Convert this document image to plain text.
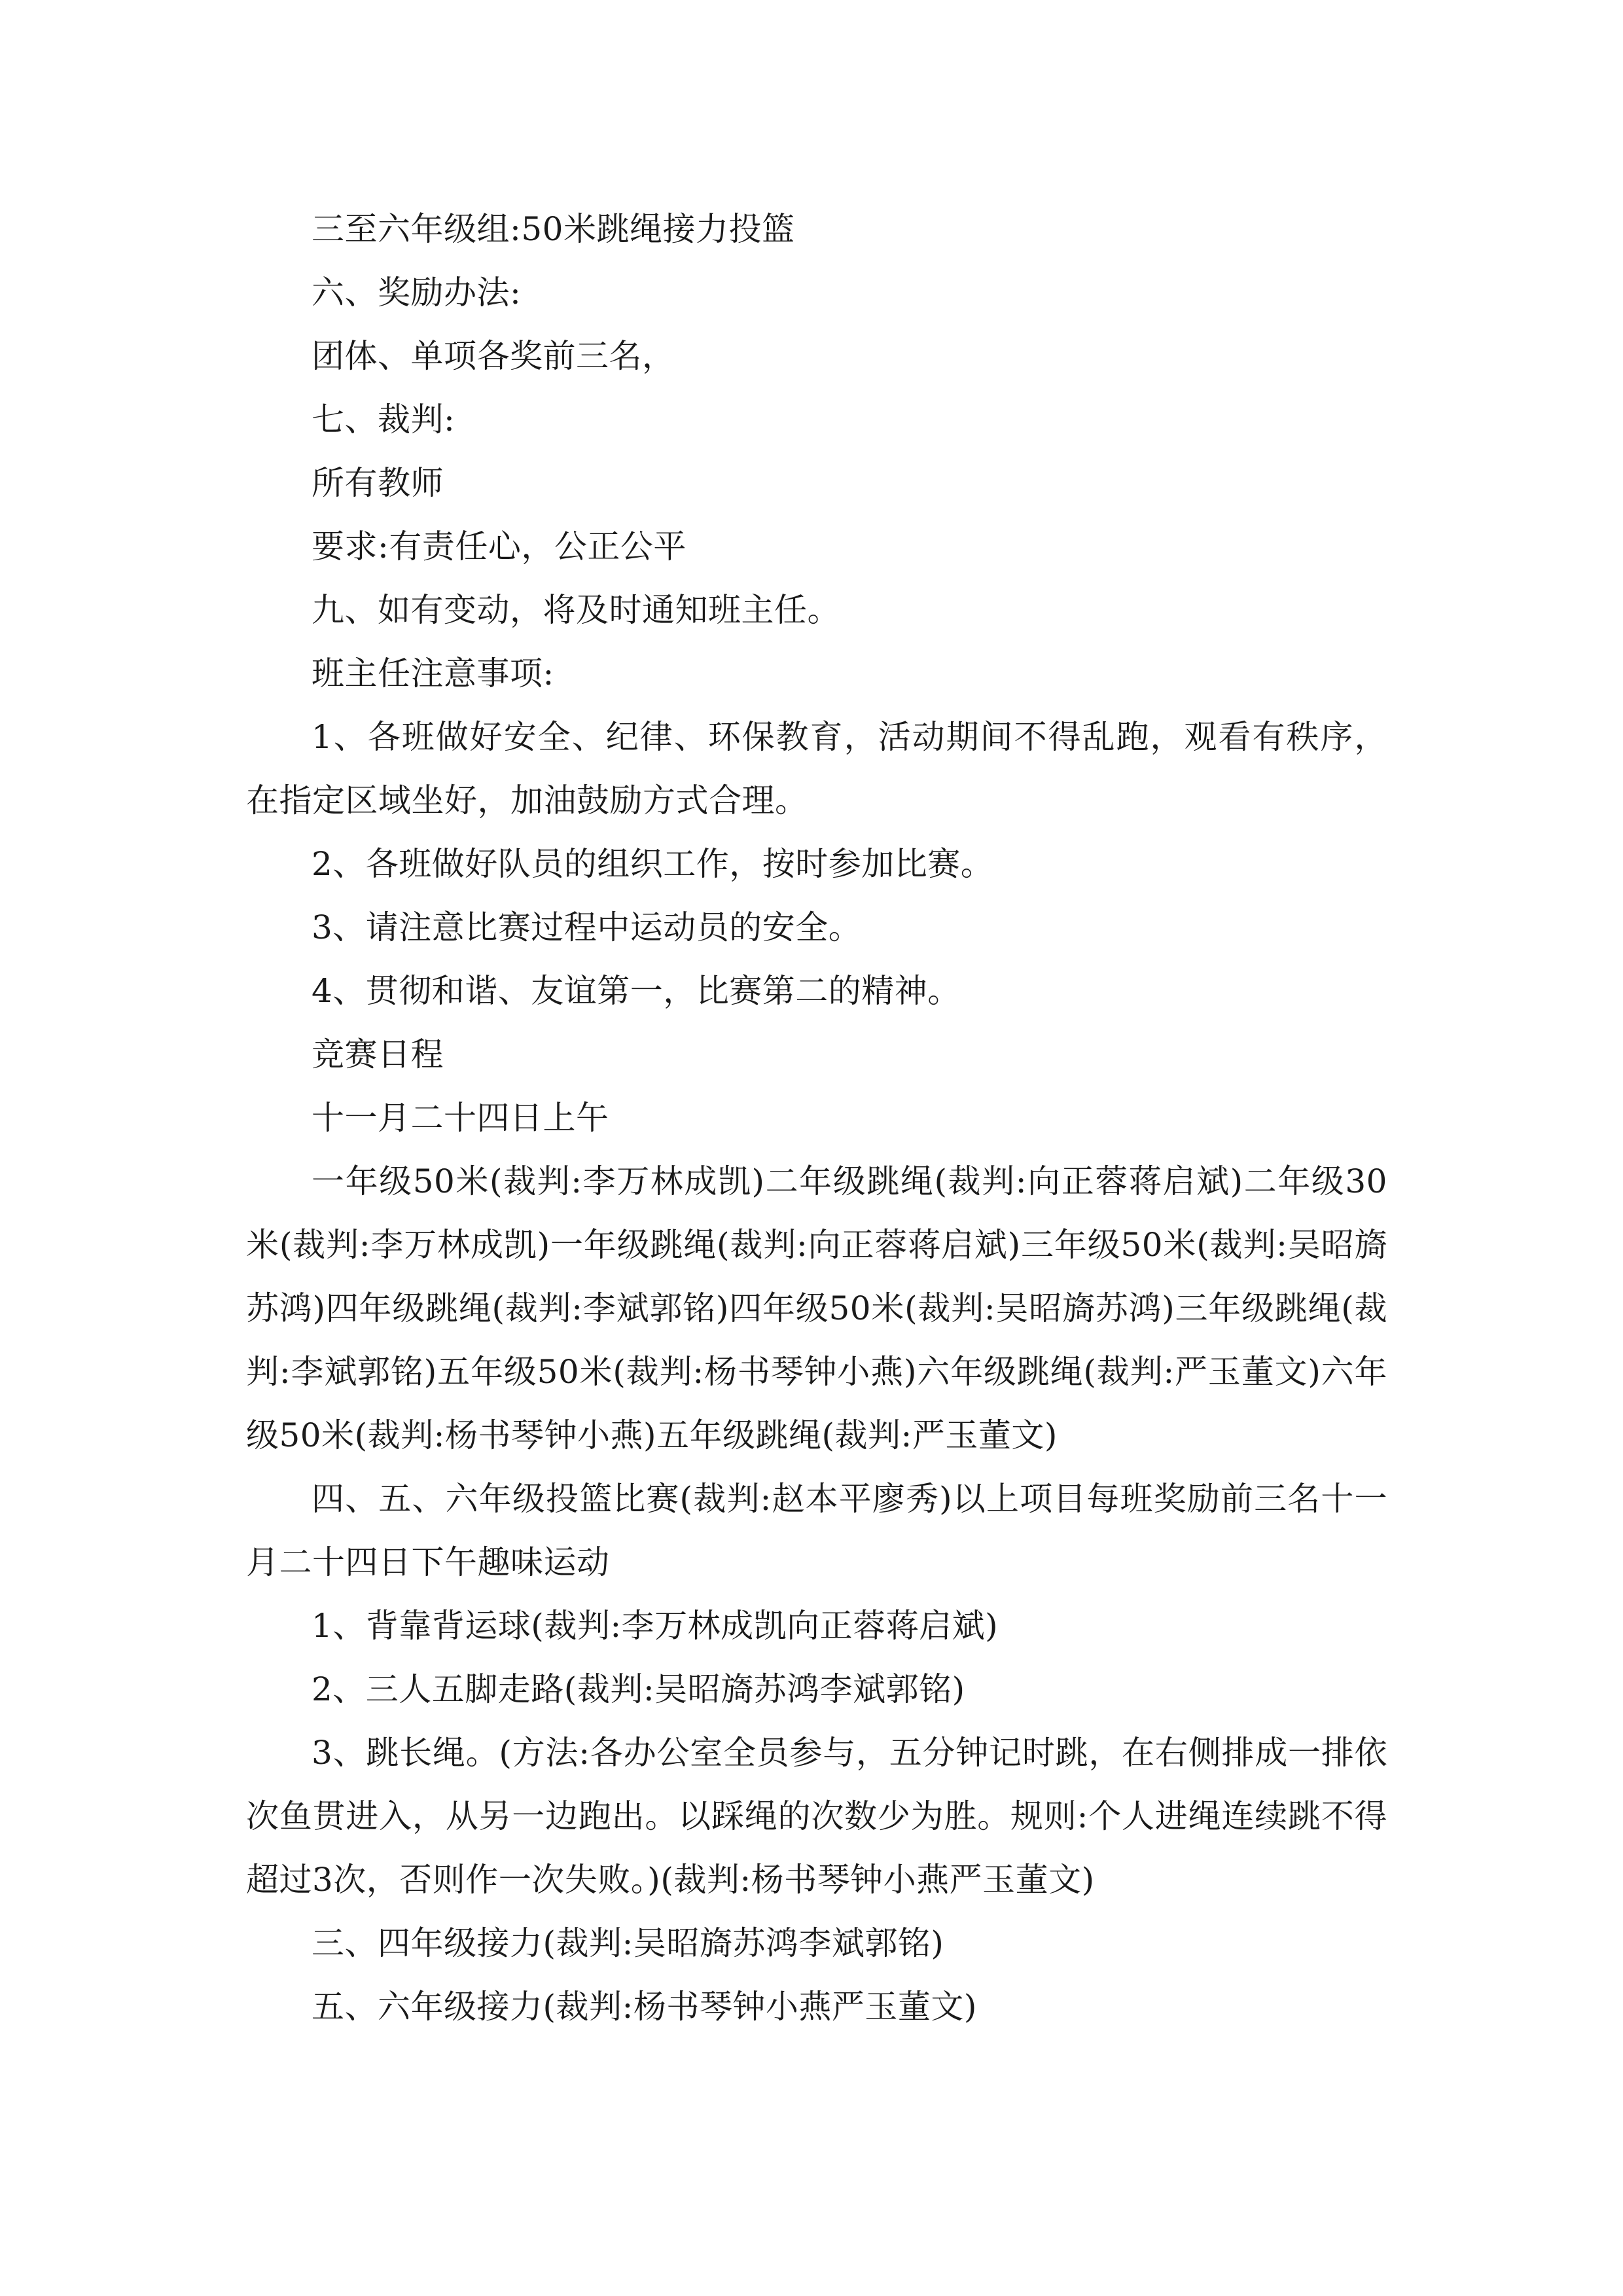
三至六年级组:50米跳绳接力投篮

六、奖励办法:

团体、单项各奖前三名，

七、裁判:

所有教师

要求:有责任心，公正公平

九、如有变动，将及时通知班主任。

班主任注意事项:

1、各班做好安全、纪律、环保教育，活动期间不得乱跑，观看有秩序，在指定区域坐好，加油鼓励方式合理。

2、各班做好队员的组织工作，按时参加比赛。

3、请注意比赛过程中运动员的安全。

4、贯彻和谐、友谊第一，比赛第二的精神。

竞赛日程

十一月二十四日上午

一年级50米(裁判:李万林成凯)二年级跳绳(裁判:向正蓉蒋启斌)二年级30米(裁判:李万林成凯)一年级跳绳(裁判:向正蓉蒋启斌)三年级50米(裁判:吴昭旖苏鸿)四年级跳绳(裁判:李斌郭铭)四年级50米(裁判:吴昭旖苏鸿)三年级跳绳(裁判:李斌郭铭)五年级50米(裁判:杨书琴钟小燕)六年级跳绳(裁判:严玉董文)六年级50米(裁判:杨书琴钟小燕)五年级跳绳(裁判:严玉董文)

四、五、六年级投篮比赛(裁判:赵本平廖秀)以上项目每班奖励前三名十一月二十四日下午趣味运动

1、背靠背运球(裁判:李万林成凯向正蓉蒋启斌)

2、三人五脚走路(裁判:吴昭旖苏鸿李斌郭铭)

3、跳长绳。(方法:各办公室全员参与，五分钟记时跳，在右侧排成一排依次鱼贯进入，从另一边跑出。以踩绳的次数少为胜。规则:个人进绳连续跳不得超过3次，否则作一次失败。)(裁判:杨书琴钟小燕严玉董文)

三、四年级接力(裁判:吴昭旖苏鸿李斌郭铭)

五、六年级接力(裁判:杨书琴钟小燕严玉董文)
